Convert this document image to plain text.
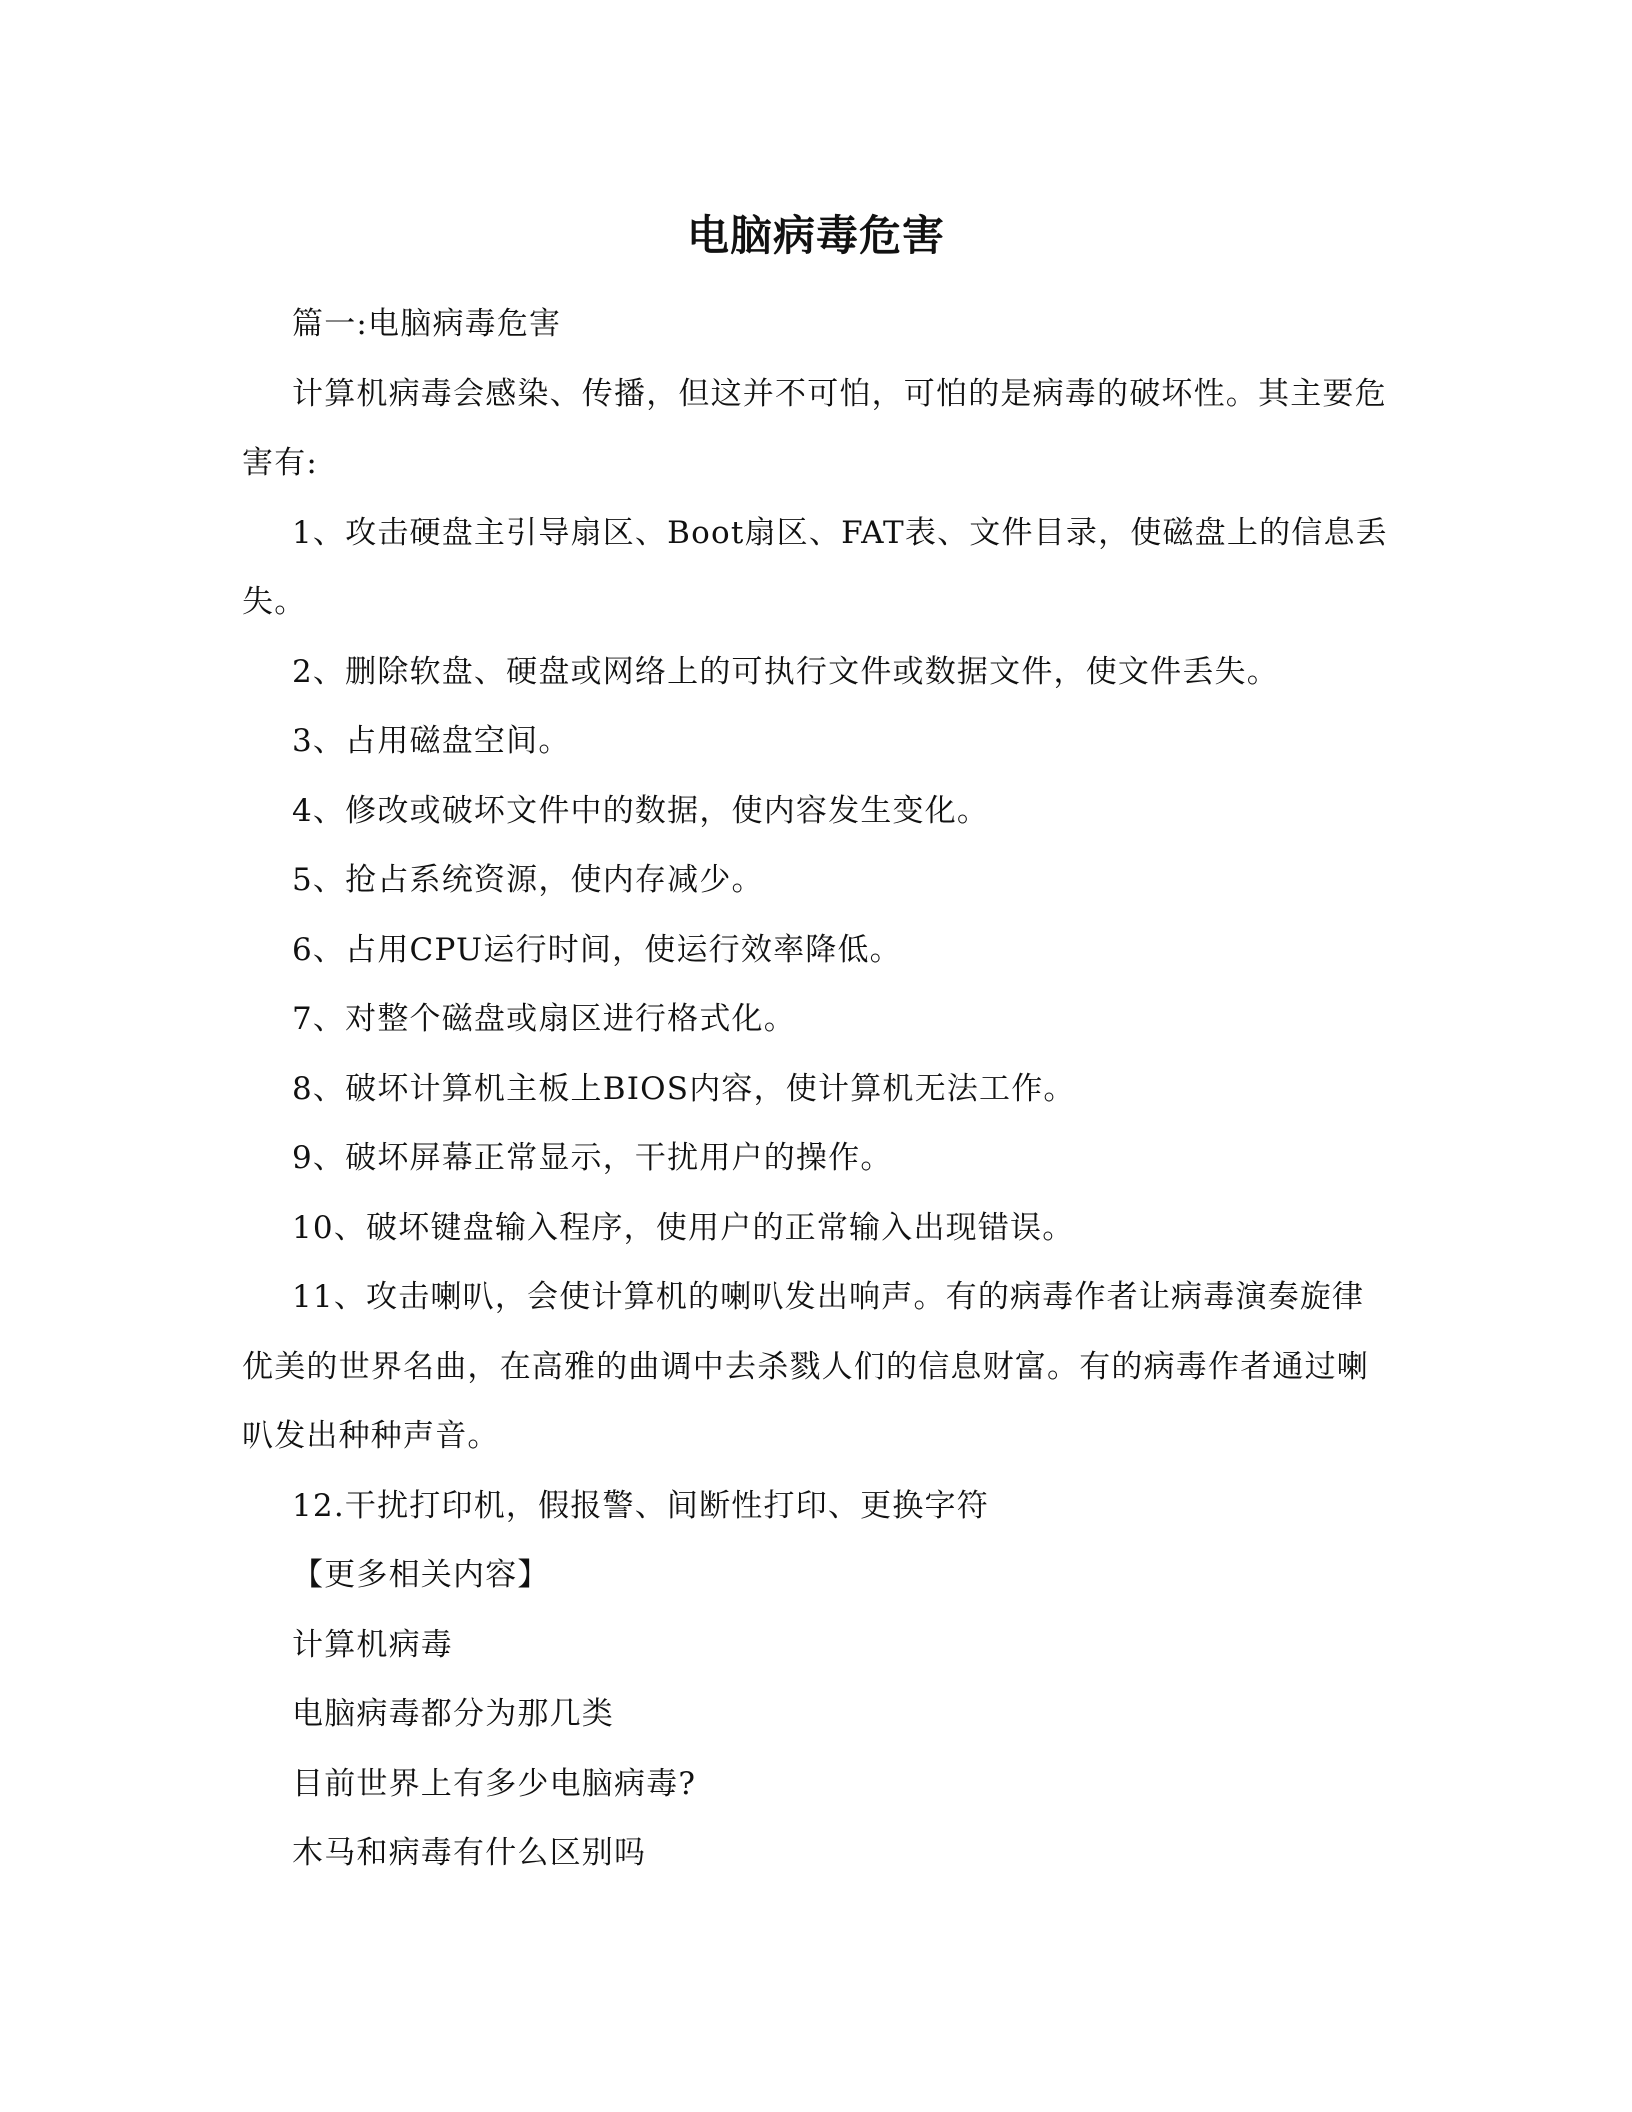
电脑病毒危害

篇一:电脑病毒危害

计算机病毒会感染、传播，但这并不可怕，可怕的是病毒的破坏性。其主要危害有:

1、攻击硬盘主引导扇区、Boot扇区、FAT表、文件目录，使磁盘上的信息丢失。

2、删除软盘、硬盘或网络上的可执行文件或数据文件，使文件丢失。

3、占用磁盘空间。

4、修改或破坏文件中的数据，使内容发生变化。

5、抢占系统资源，使内存减少。

6、占用CPU运行时间，使运行效率降低。

7、对整个磁盘或扇区进行格式化。

8、破坏计算机主板上BIOS内容，使计算机无法工作。

9、破坏屏幕正常显示，干扰用户的操作。

10、破坏键盘输入程序，使用户的正常输入出现错误。

11、攻击喇叭，会使计算机的喇叭发出响声。有的病毒作者让病毒演奏旋律优美的世界名曲，在高雅的曲调中去杀戮人们的信息财富。有的病毒作者通过喇叭发出种种声音。

12.干扰打印机，假报警、间断性打印、更换字符

【更多相关内容】

计算机病毒

电脑病毒都分为那几类

目前世界上有多少电脑病毒?

木马和病毒有什么区别吗
